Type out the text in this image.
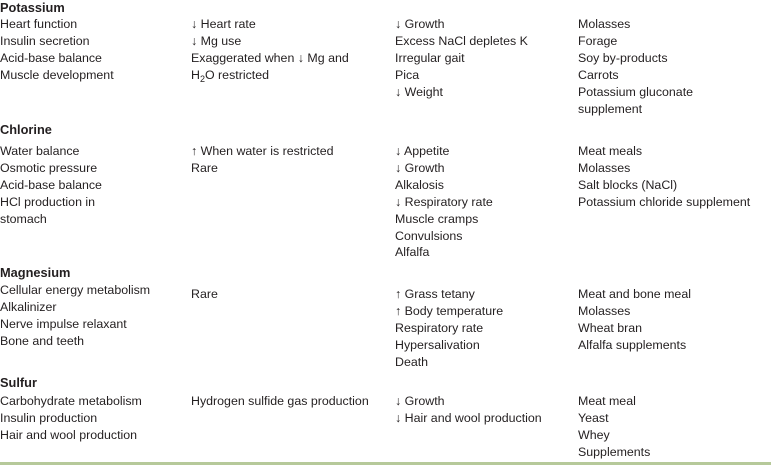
Potassium
Heart function
Insulin secretion
Acid-base balance
Muscle development
↓ Heart rate
↓ Mg use
Exaggerated when ↓ Mg and
$H_2O$ restricted
↓ Growth
Excess NaCl depletes K
Irregular gait
Pica
↓ Weight
Molasses
Forage
Soy by-products
Carrots
Potassium gluconate
supplement
Chlorine
Water balance
Osmotic pressure
Acid-base balance
HCl production in
stomach
↑ When water is restricted
Rare
↓ Appetite
↓ Growth
Alkalosis
↓ Respiratory rate
Muscle cramps
Convulsions
Alfalfa
Meat meals
Molasses
Salt blocks (NaCl)
Potassium chloride supplement
Magnesium
Cellular energy metabolism
Alkalinizer
Nerve impulse relaxant
Bone and teeth
Rare	↑ Grass tetany
↑ Body temperature
Respiratory rate
Hypersalivation
Death
Meat and bone meal
Molasses
Wheat bran
Alfalfa supplements
Sulfur
Carbohydrate metabolism
Insulin production
Hair and wool production
Hydrogen sulfide gas production	↓ Growth
↓ Hair and wool production
Meat meal
Yeast
Whey
Supplements
